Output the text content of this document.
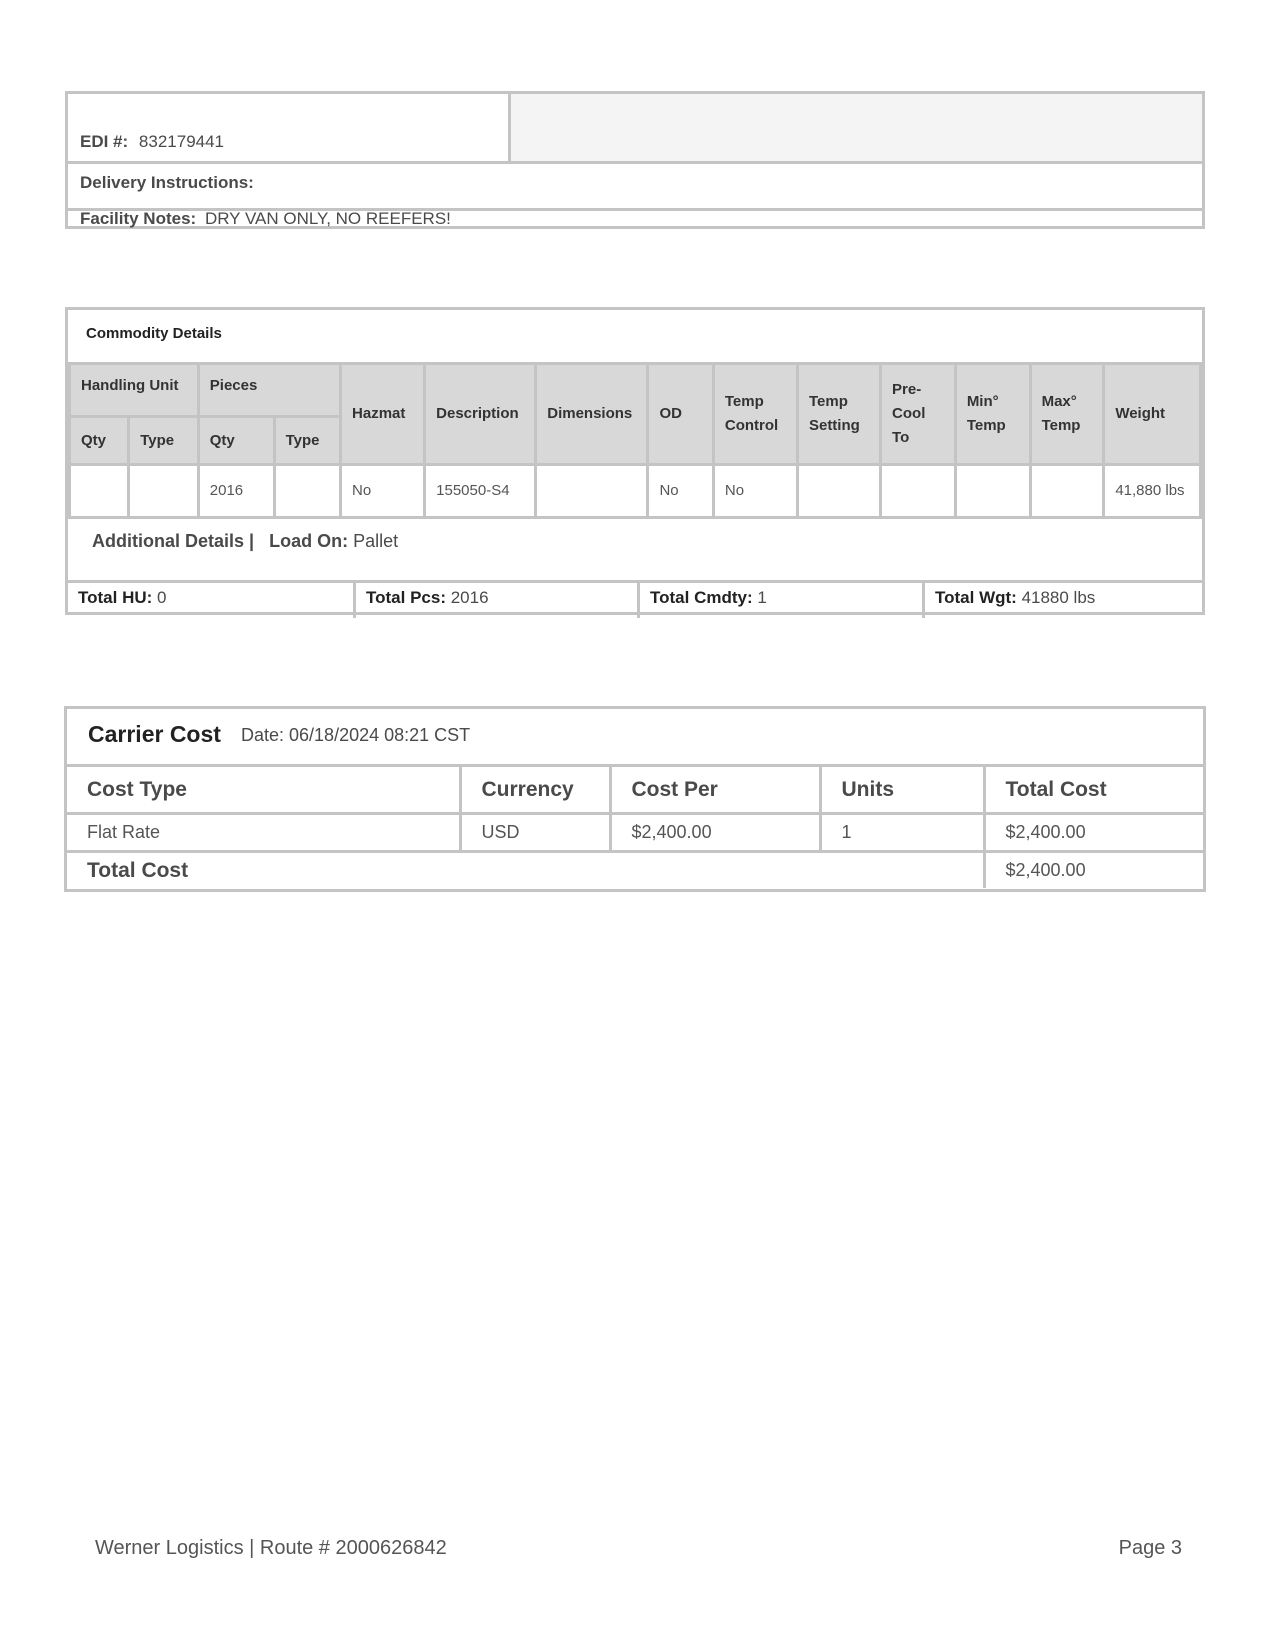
EDI #: 832179441
Delivery Instructions:
Facility Notes: DRY VAN ONLY, NO REEFERS!
Commodity Details
Handling Unit		Pieces		Hazmat	Description	Dimensions	OD	Temp Control	Temp Setting	Pre-Cool To	Min° Temp	Max° Temp	Weight
Qty	Type	Qty	Type										
		2016		No	155050-S4		No	No					41,880 lbs
Additional Details | Load On: Pallet
Total HU: 0	Total Pcs: 2016	Total Cmdty: 1	Total Wgt: 41880 lbs
Carrier Cost Date: 06/18/2024 08:21 CST
Cost Type	Currency	Cost Per	Units	Total Cost
Flat Rate	USD	$2,400.00	1	$2,400.00
Total Cost				$2,400.00
Werner Logistics | Route # 2000626842	Page 3
